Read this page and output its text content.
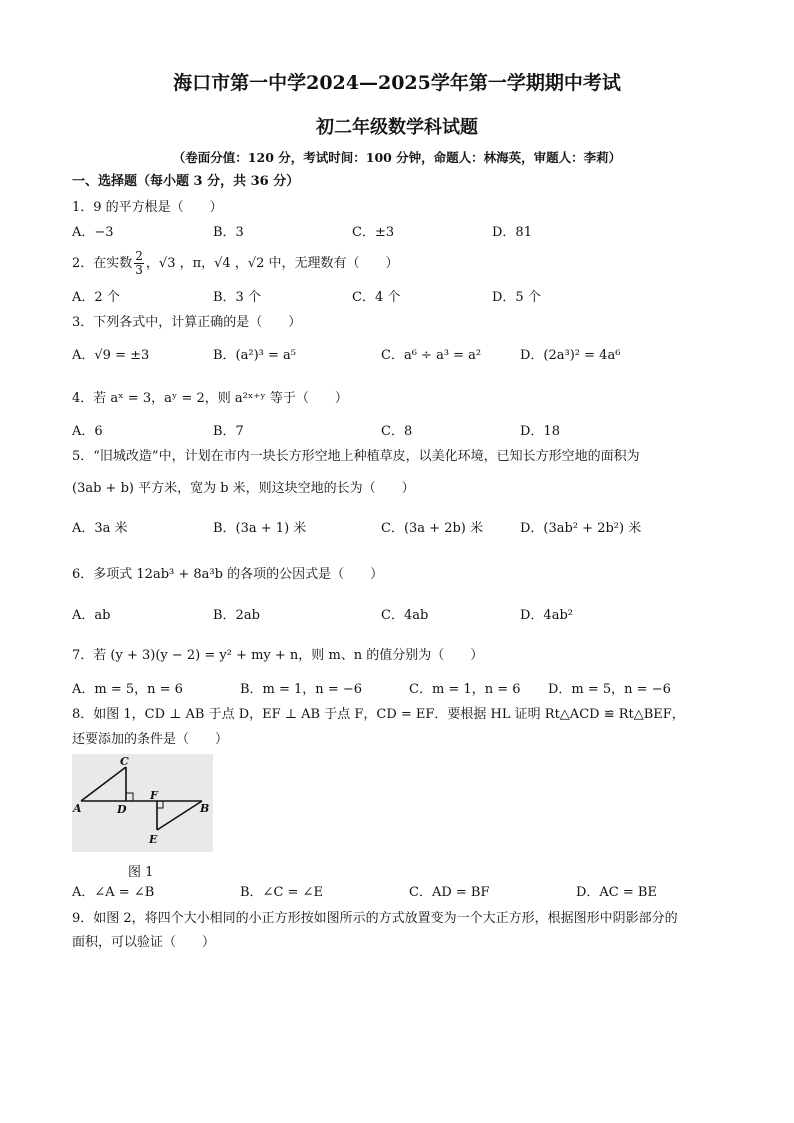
海口市第一中学2024—2025学年第一学期期中考试
初二年级数学科试题
（卷面分值：120 分，考试时间：100 分钟，命题人：林海英，审题人：李莉）
一、选择题（每小题 3 分，共 36 分）
1．9 的平方根是（　　）
A．−3	B．3	C．±3	D．81
2．在实数 $\frac{2}{3}$ ，√3 ，π，√4 ，√2 中，无理数有（　　）
A．2 个	B．3 个	C．4 个	D．5 个
3．下列各式中，计算正确的是（　　）
A．√9 = ±3	B．(a²)³ = a⁵	C．a⁶ ÷ a³ = a²	D．(2a³)² = 4a⁶
4．若 aˣ = 3，aʸ = 2，则 a²ˣ⁺ʸ 等于（　　）
A．6	B．7	C．8	D．18
5．“旧城改造”中，计划在市内一块长方形空地上种植草皮，以美化环境，已知长方形空地的面积为
(3ab + b) 平方米，宽为 b 米，则这块空地的长为（　　）
A．3a 米	B．(3a + 1) 米	C．(3a + 2b) 米	D．(3ab² + 2b²) 米
6．多项式 12ab³ + 8a³b 的各项的公因式是（　　）
A．ab	B．2ab	C．4ab	D．4ab²
7．若 (y + 3)(y − 2) = y² + my + n，则 m、n 的值分别为（　　）
A．m = 5，n = 6	B．m = 1，n = −6	C．m = 1，n = 6 D．m = 5，n = −6
8．如图 1，CD ⊥ AB 于点 D，EF ⊥ AB 于点 F，CD = EF．要根据 HL 证明 Rt△ACD ≌ Rt△BEF，
还要添加的条件是（　　）
A	B
C
D
E
F
图 1
A．∠A = ∠B	B．∠C = ∠E	C．AD = BF	D．AC = BE
9．如图 2，将四个大小相同的小正方形按如图所示的方式放置变为一个大正方形，根据图形中阴影部分的
面积，可以验证（　　）
